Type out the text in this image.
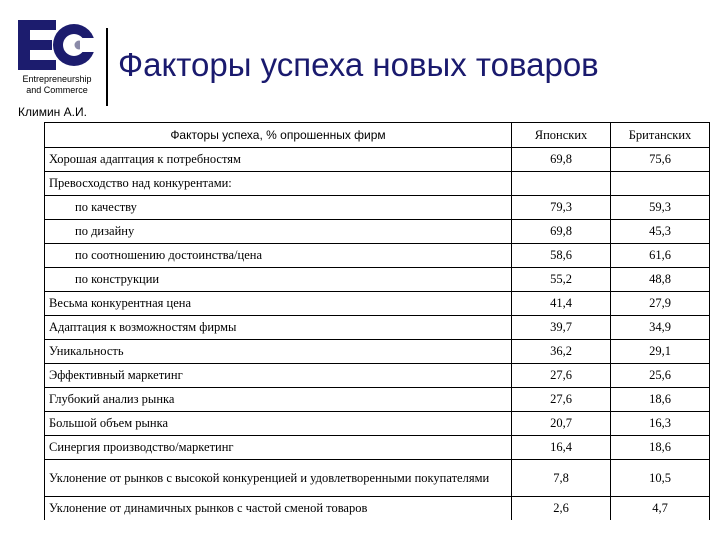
Entrepreneurship
and Commerce
Факторы успеха новых товаров
Климин А.И.
Факторы успеха, % опрошенных фирм	Японских	Британских
Хорошая адаптация к потребностям	69,8	75,6
Превосходство над конкурентами:		
по качеству	79,3	59,3
по дизайну	69,8	45,3
по соотношению достоинства/цена	58,6	61,6
по конструкции	55,2	48,8
Весьма конкурентная цена	41,4	27,9
Адаптация к возможностям фирмы	39,7	34,9
Уникальность	36,2	29,1
Эффективный маркетинг	27,6	25,6
Глубокий анализ рынка	27,6	18,6
Большой объем рынка	20,7	16,3
Синергия производство/маркетинг	16,4	18,6
Уклонение от рынков с высокой конкуренцией и удовлетворенными покупателями	7,8	10,5
Уклонение от динамичных рынков с частой сменой товаров	2,6	4,7
